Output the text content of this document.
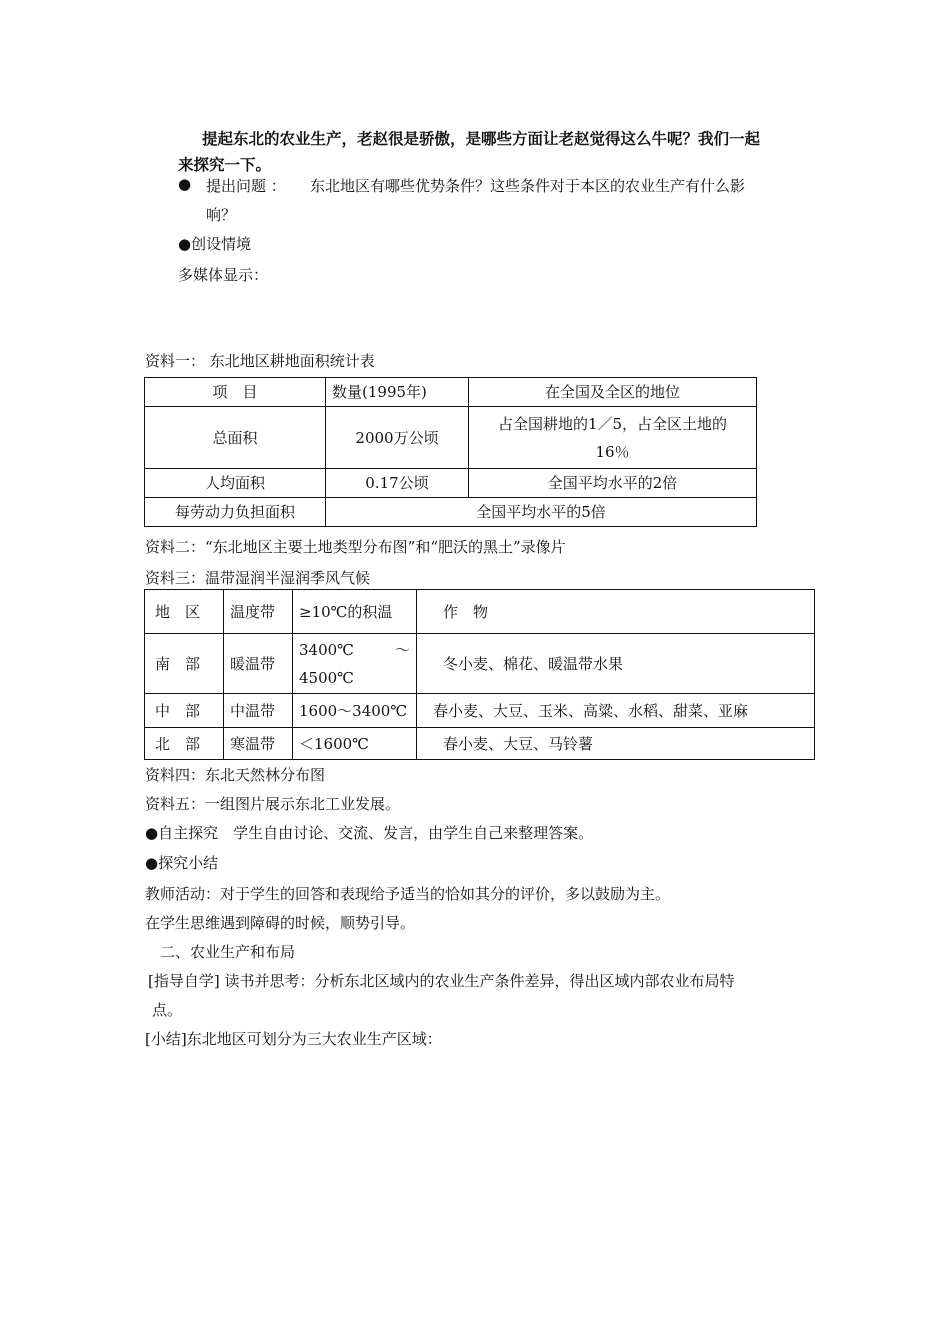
提起东北的农业生产，老赵很是骄傲，是哪些方面让老赵觉得这么牛呢？我们一起
来探究一下。
● 提出问题 ： 东北地区有哪些优势条件？这些条件对于本区的农业生产有什么影
响？
●创设情境
多媒体显示：
资料一： 东北地区耕地面积统计表
项　目	数量(1995年)	在全国及全区的地位
总面积	2000万公顷	占全国耕地的1／5，占全区土地的
16％

人均面积	0.17公顷	全国平均水平的2倍
每劳动力负担面积	全国平均水平的5倍	
资料二：“东北地区主要土地类型分布图”和“肥沃的黑土”录像片
资料三：温带湿润半湿润季风气候
地　区	温度带	≥10℃的积温	作　物
南　部	暖温带	3400℃ ～
4500℃	冬小麦、棉花、暖温带水果
中　部	中温带	1600～3400℃	春小麦、大豆、玉米、高粱、水稻、甜菜、亚麻
北　部	寒温带	＜1600℃	春小麦、大豆、马铃薯
资料四：东北天然林分布图
资料五：一组图片展示东北工业发展。
●自主探究　学生自由讨论、交流、发言，由学生自己来整理答案。
●探究小结
教师活动：对于学生的回答和表现给予适当的恰如其分的评价，多以鼓励为主。
在学生思维遇到障碍的时候，顺势引导。
二、农业生产和布局
[指导自学] 读书并思考：分析东北区域内的农业生产条件差异，得出区域内部农业布局特
点。
[小结]东北地区可划分为三大农业生产区域：
